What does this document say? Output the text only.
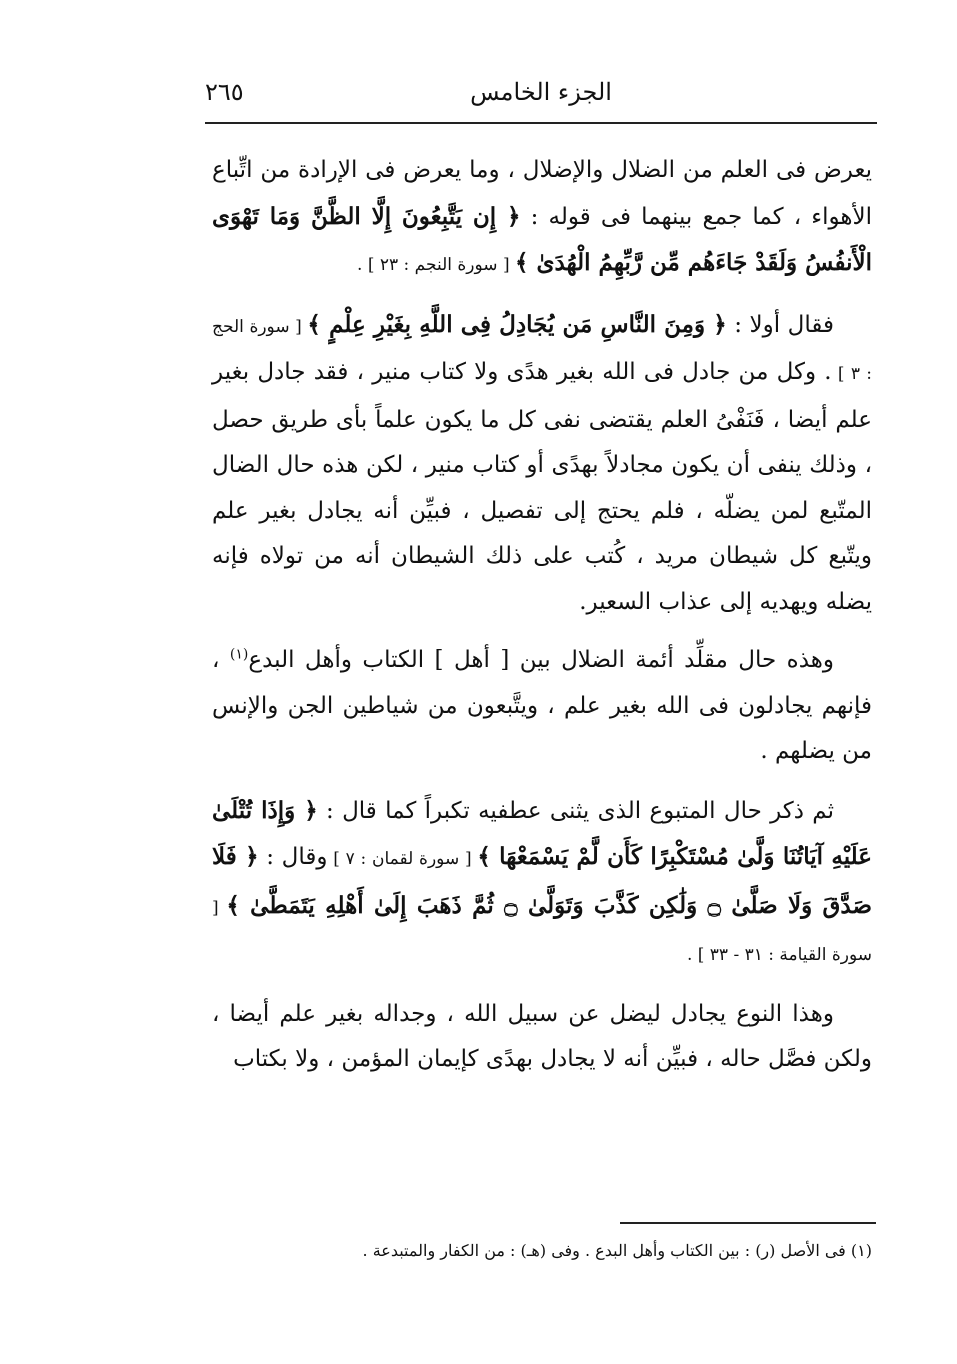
الجزء الخامس
٢٦٥

يعرض فى العلم من الضلال والإضلال ، وما يعرض فى الإرادة من اتِّباع الأهواء ، كما جمع بينهما فى قوله : ﴿ إِن يَتَّبِعُونَ إِلَّا الظَّنَّ وَمَا تَهْوَى الْأَنفُسُ وَلَقَدْ جَاءَهُم مِّن رَّبِّهِمُ الْهُدَىٰ ﴾ [ سورة النجم : ٢٣ ] .

فقال أولا : ﴿ وَمِنَ النَّاسِ مَن يُجَادِلُ فِى اللَّهِ بِغَيْرِ عِلْمٍ ﴾ [ سورة الحج : ٣ ] . وكل من جادل فى الله بغير هدًى ولا كتاب منير ، فقد جادل بغير علم أيضا ، فَنَفْىُ العلم يقتضى نفى كل ما يكون علماً بأى طريق حصل ، وذلك ينفى أن يكون مجادلاً بهدًى أو كتاب منير ، لكن هذه حال الضال المتّبع لمن يضلّه ، فلم يحتج إلى تفصيل ، فبيِّن أنه يجادل بغير علم ويتّبع كل شيطان مريد ، كُتب على ذلك الشيطان أنه من تولاه فإنه يضله ويهديه إلى عذاب السعير.

وهذه حال مقلِّد أئمة الضلال بين [ أهل ] الكتاب وأهل البدع$^{(١)}$ ، فإنهم يجادلون فى الله بغير علم ، ويتَّبعون من شياطين الجن والإنس من يضلهم .

ثم ذكر حال المتبوع الذى يثنى عطفيه تكبراً كما قال : ﴿ وَإِذَا تُتْلَىٰ عَلَيْهِ آيَاتُنَا وَلَّىٰ مُسْتَكْبِرًا كَأَن لَّمْ يَسْمَعْهَا ﴾ [ سورة لقمان : ٧ ] وقال : ﴿ فَلَا صَدَّقَ وَلَا صَلَّىٰ ۝ وَلَٰكِن كَذَّبَ وَتَوَلَّىٰ ۝ ثُمَّ ذَهَبَ إِلَىٰ أَهْلِهِ يَتَمَطَّىٰ ﴾ [ سورة القيامة : ٣١ - ٣٣ ] .

وهذا النوع يجادل ليضل عن سبيل الله ، وجداله بغير علم أيضا ، ولكن فصَّل حاله ، فبيِّن أنه لا يجادل بهدًى كإيمان المؤمن ، ولا بكتاب

(١) فى الأصل (ر) : بين الكتاب وأهل البدع . وفى (هـ) : من الكفار والمتبدعة .
